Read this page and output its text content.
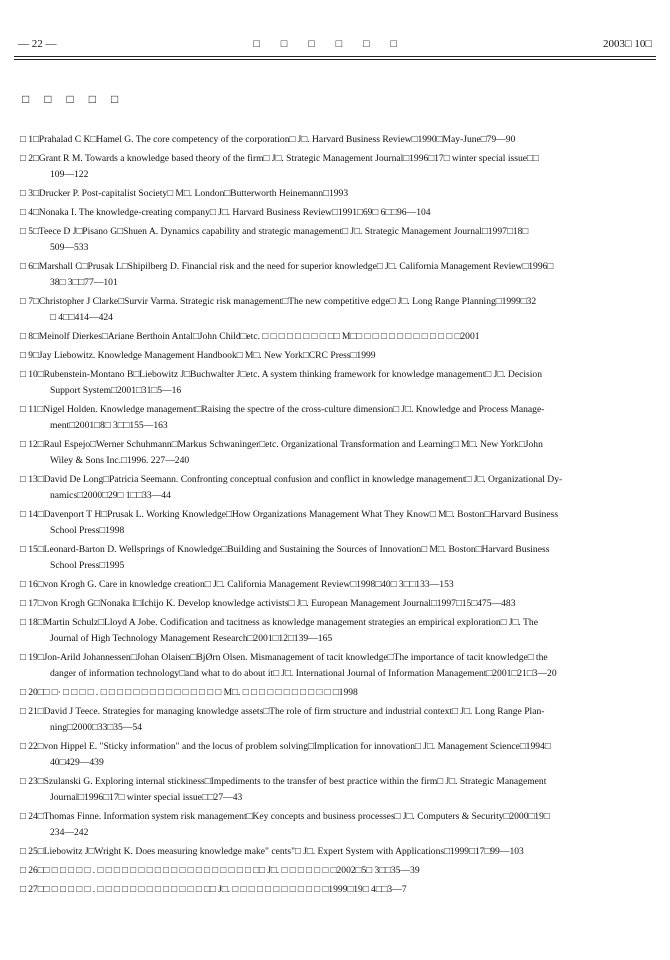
— 22 —	□ □ □ □ □ □	2003□ 10□
□ □ □ □ □
□ 1□Prahalad C K□Hamel G. The core competency of the corporation□ J□. Harvard Business Review□1990□May-June□79—90
□ 2□Grant R M. Towards a knowledge based theory of the firm□ J□. Strategic Management Journal□1996□17□ winter special issue□□

109—122
□ 3□Drucker P. Post-capitalist Society□ M□. London□Butterworth Heinemann□1993
□ 4□Nonaka I. The knowledge-creating company□ J□. Harvard Business Review□1991□69□ 6□□96—104
□ 5□Teece D J□Pisano G□Shuen A. Dynamics capability and strategic management□ J□. Strategic Management Journal□1997□18□

509—533
□ 6□Marshall C□Prusak L□Shipilberg D. Financial risk and the need for superior knowledge□ J□. California Management Review□1996□

38□ 3□□77—101
□ 7□Christopher J Clarke□Survir Varma. Strategic risk management□The new competitive edge□ J□. Long Range Planning□1999□32

□ 4□□414—424
□ 8□Meinolf Dierkes□Ariane Berthoin Antal□John Child□etc. □ □ □ □ □ □ □ □ □□ M□□ □ □ □ □ □ □ □ □ □ □ □ □2001
□ 9□Jay Liebowitz. Knowledge Management Handbook□ M□. New York□CRC Press□1999
□ 10□Rubenstein-Montano B□Liebowitz J□Buchwalter J□etc. A system thinking framework for knowledge management□ J□. Decision

Support System□2001□31□5—16
□ 11□Nigel Holden. Knowledge management□Raising the spectre of the cross-culture dimension□ J□. Knowledge and Process Manage-

ment□2001□8□ 3□□155—163
□ 12□Raul Espejo□Werner Schuhmann□Markus Schwaninger□etc. Organizational Transformation and Learning□ M□. New York□John

Wiley & Sons Inc.□1996. 227—240
□ 13□David De Long□Patricia Seemann. Confronting conceptual confusion and conflict in knowledge management□ J□. Organizational Dy-

namics□2000□29□ 1□□33—44
□ 14□Davenport T H□Prusak L. Working Knowledge□How Organizations Management What They Know□ M□. Boston□Harvard Business

School Press□1998
□ 15□Leonard-Barton D. Wellsprings of Knowledge□Building and Sustaining the Sources of Innovation□ M□. Boston□Harvard Business

School Press□1995
□ 16□von Krogh G. Care in knowledge creation□ J□. California Management Review□1998□40□ 3□□133—153
□ 17□von Krogh G□Nonaka I□Ichijo K. Develop knowledge activists□ J□. European Management Journal□1997□15□475—483
□ 18□Martin Schulz□Lloyd A Jobe. Codification and tacitness as knowledge management strategies an empirical exploration□ J□. The

Journal of High Technology Management Research□2001□12□139—165
□ 19□Jon-Arild Johannessen□Johan Olaisen□BjØrn Olsen. Mismanagement of tacit knowledge□The importance of tacit knowledge□ the

danger of information technology□and what to do about it□ J□. International Journal of Information Management□2001□21□3—20
□ 20□□ □· □ □ □ □ . □ □ □ □ □ □ □ □ □ □ □ □ □ □ □ M□. □ □ □ □ □ □ □ □ □ □ □ □1998
□ 21□David J Teece. Strategies for managing knowledge assets□The role of firm structure and industrial context□ J□. Long Range Plan-

ning□2000□33□35—54
□ 22□von Hippel E. "Sticky information" and the locus of problem solving□Implication for innovation□ J□. Management Science□1994□

40□429—439
□ 23□Szulanski G. Exploring internal stickiness□Impediments to the transfer of best practice within the firm□ J□. Strategic Management

Journal□1996□17□ winter special issue□□27—43
□ 24□Thomas Finne. Information system risk management□Key concepts and business processes□ J□. Computers & Security□2000□19□

234—242
□ 25□Liebowitz J□Wright K. Does measuring knowledge make" cents"□ J□. Expert System with Applications□1999□17□99—103
□ 26□□ □ □ □ □ □ . □ □ □ □ □ □ □ □ □ □ □ □ □ □ □ □ □ □ □ □□ J□. □ □ □ □ □ □ □2002□5□ 3□□35—39
□ 27□□ □ □ □ □ □ . □ □ □ □ □ □ □ □ □ □ □ □ □ □□ J□. □ □ □ □ □ □ □ □ □ □ □ □1999□19□ 4□□3—7
